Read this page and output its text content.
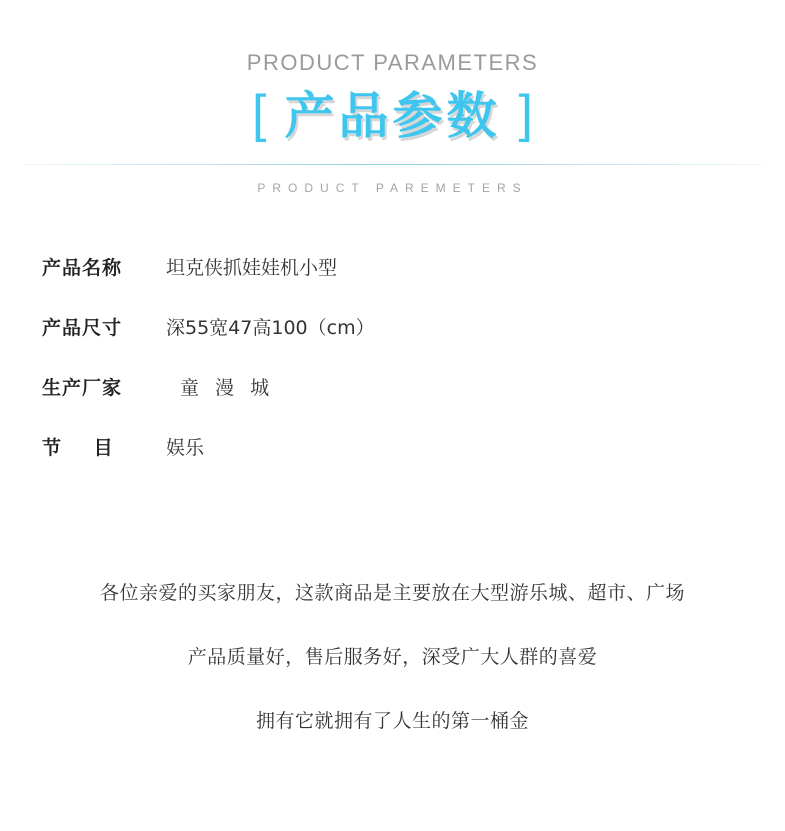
PRODUCT PARAMETERS
[ 产品参数 ]
PRODUCT PAREMETERS
产品名称	坦克侠抓娃娃机小型
产品尺寸	深55宽47高100（cm）
生产厂家	童 漫 城
节 目	娱乐
各位亲爱的买家朋友，这款商品是主要放在大型游乐城、超市、广场
产品质量好，售后服务好，深受广大人群的喜爱
拥有它就拥有了人生的第一桶金
